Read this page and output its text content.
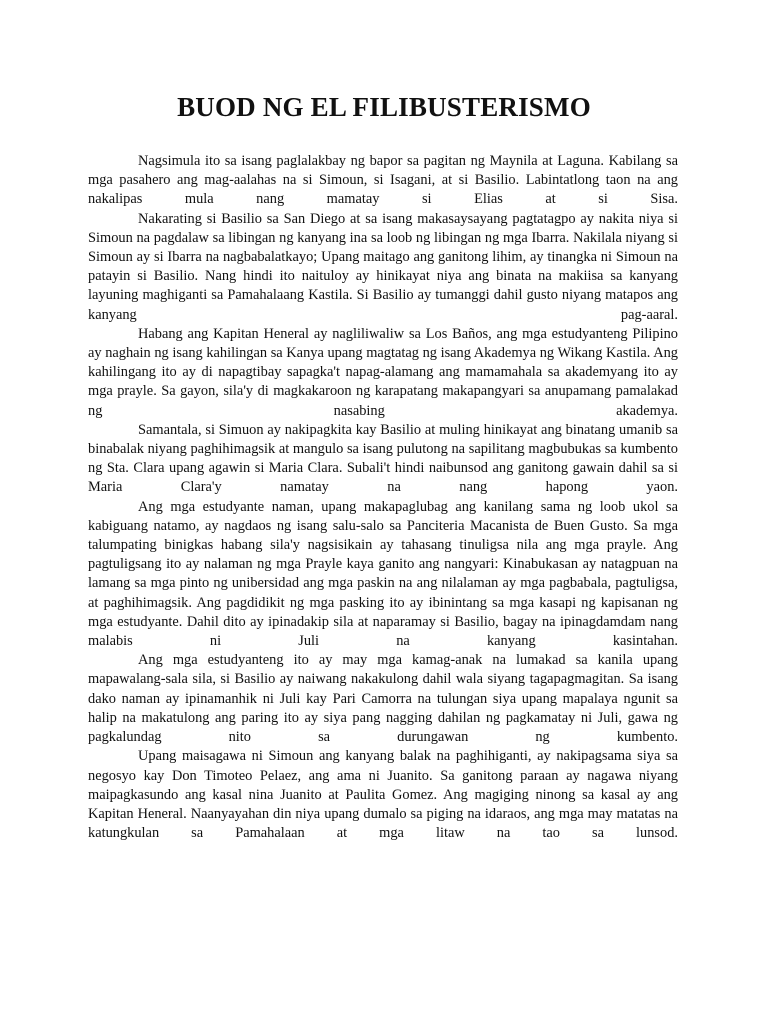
BUOD NG EL FILIBUSTERISMO

Nagsimula ito sa isang paglalakbay ng bapor sa pagitan ng Maynila at Laguna. Kabilang sa mga pasahero ang mag-aalahas na si Simoun, si Isagani, at si Basilio. Labintatlong taon na ang nakalipas mula nang mamatay si Elias at si Sisa.

Nakarating si Basilio sa San Diego at sa isang makasaysayang pagtatagpo ay nakita niya si Simoun na pagdalaw sa libingan ng kanyang ina sa loob ng libingan ng mga Ibarra. Nakilala niyang si Simoun ay si Ibarra na nagbabalatkayo; Upang maitago ang ganitong lihim, ay tinangka ni Simoun na patayin si Basilio. Nang hindi ito naituloy ay hinikayat niya ang binata na makiisa sa kanyang layuning maghiganti sa Pamahalaang Kastila. Si Basilio ay tumanggi dahil gusto niyang matapos ang kanyang pag-aaral.

Habang ang Kapitan Heneral ay nagliliwaliw sa Los Baños, ang mga estudyanteng Pilipino ay naghain ng isang kahilingan sa Kanya upang magtatag ng isang Akademya ng Wikang Kastila. Ang kahilingang ito ay di napagtibay sapagka't napag-alamang ang mamamahala sa akademyang ito ay mga prayle. Sa gayon, sila'y di magkakaroon ng karapatang makapangyari sa anupamang pamalakad ng nasabing akademya.

Samantala, si Simuon ay nakipagkita kay Basilio at muling hinikayat ang binatang umanib sa binabalak niyang paghihimagsik at mangulo sa isang pulutong na sapilitang magbubukas sa kumbento ng Sta. Clara upang agawin si Maria Clara. Subali't hindi naibunsod ang ganitong gawain dahil sa si Maria Clara'y namatay na nang hapong yaon.

Ang mga estudyante naman, upang makapaglubag ang kanilang sama ng loob ukol sa kabiguang natamo, ay nagdaos ng isang salu-salo sa Panciteria Macanista de Buen Gusto. Sa mga talumpating binigkas habang sila'y nagsisikain ay tahasang tinuligsa nila ang mga prayle. Ang pagtuligsang ito ay nalaman ng mga Prayle kaya ganito ang nangyari: Kinabukasan ay natagpuan na lamang sa mga pinto ng unibersidad ang mga paskin na ang nilalaman ay mga pagbabala, pagtuligsa, at paghihimagsik. Ang pagdidikit ng mga pasking ito ay ibinintang sa mga kasapi ng kapisanan ng mga estudyante. Dahil dito ay ipinadakip sila at naparamay si Basilio, bagay na ipinagdamdam nang malabis ni Juli na kanyang kasintahan.

Ang mga estudyanteng ito ay may mga kamag-anak na lumakad sa kanila upang mapawalang-sala sila, si Basilio ay naiwang nakakulong dahil wala siyang tagapagmagitan. Sa isang dako naman ay ipinamanhik ni Juli kay Pari Camorra na tulungan siya upang mapalaya ngunit sa halip na makatulong ang paring ito ay siya pang nagging dahilan ng pagkamatay ni Juli, gawa ng pagkalundag nito sa durungawan ng kumbento.

Upang maisagawa ni Simoun ang kanyang balak na paghihiganti, ay nakipagsama siya sa negosyo kay Don Timoteo Pelaez, ang ama ni Juanito. Sa ganitong paraan ay nagawa niyang maipagkasundo ang kasal nina Juanito at Paulita Gomez. Ang magiging ninong sa kasal ay ang Kapitan Heneral. Naanyayahan din niya upang dumalo sa piging na idaraos, ang mga may matatas na katungkulan sa Pamahalaan at mga litaw na tao sa lunsod.
